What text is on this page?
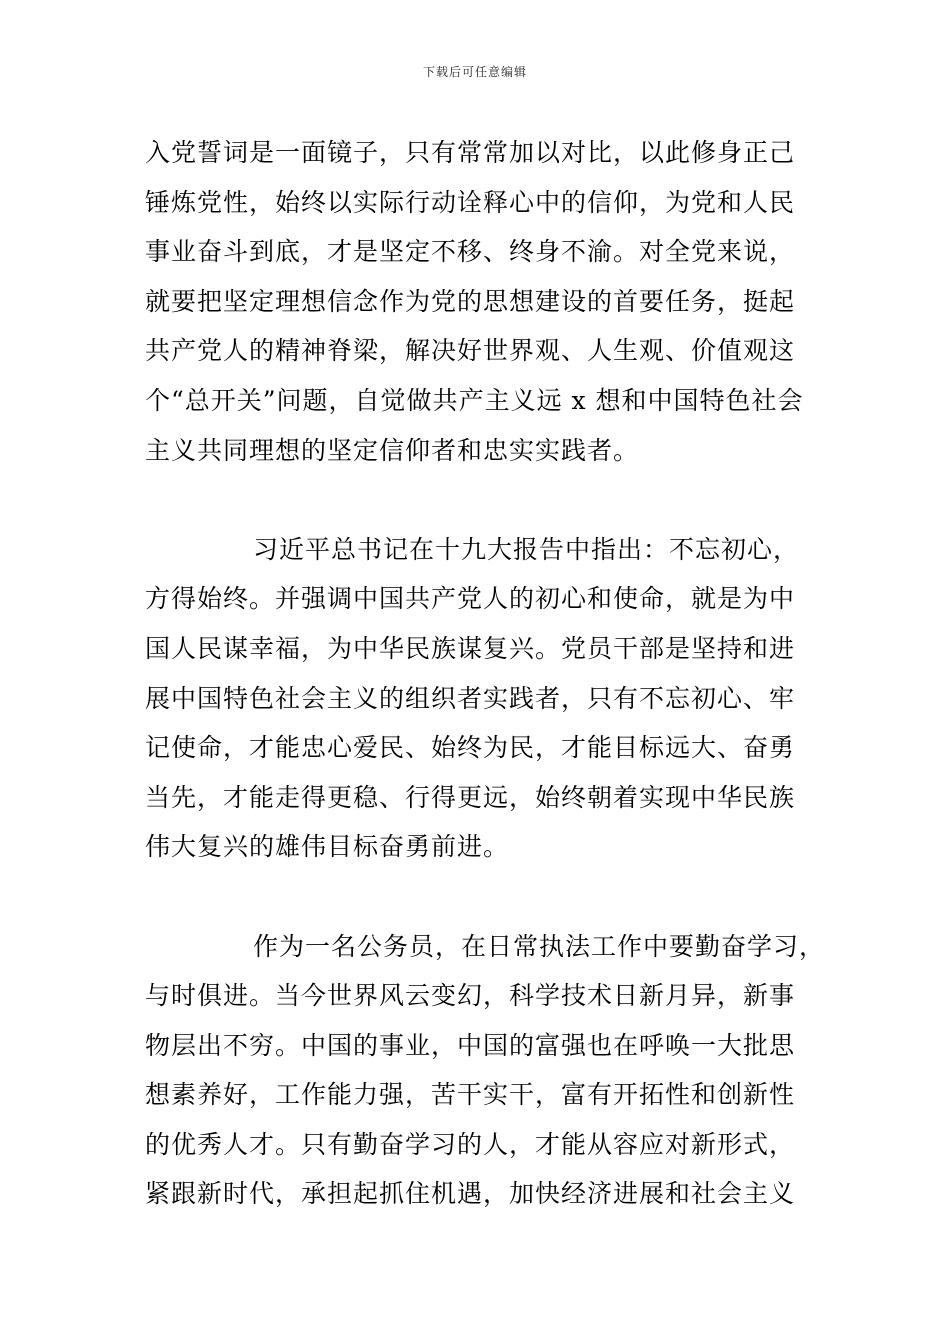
下载后可任意编辑
入党誓词是一面镜子，只有常常加以对比，以此修身正己
锤炼党性，始终以实际行动诠释心中的信仰，为党和人民
事业奋斗到底，才是坚定不移、终身不渝。对全党来说，
就要把坚定理想信念作为党的思想建设的首要任务，挺起
共产党人的精神脊梁，解决好世界观、人生观、价值观这
个“总开关”问题，自觉做共产主义远 x 想和中国特色社会
主义共同理想的坚定信仰者和忠实实践者。
习近平总书记在十九大报告中指出：不忘初心，
方得始终。并强调中国共产党人的初心和使命，就是为中
国人民谋幸福，为中华民族谋复兴。党员干部是坚持和进
展中国特色社会主义的组织者实践者，只有不忘初心、牢
记使命，才能忠心爱民、始终为民，才能目标远大、奋勇
当先，才能走得更稳、行得更远，始终朝着实现中华民族
伟大复兴的雄伟目标奋勇前进。
作为一名公务员，在日常执法工作中要勤奋学习，
与时俱进。当今世界风云变幻，科学技术日新月异，新事
物层出不穷。中国的事业，中国的富强也在呼唤一大批思
想素养好，工作能力强，苦干实干，富有开拓性和创新性
的优秀人才。只有勤奋学习的人，才能从容应对新形式，
紧跟新时代，承担起抓住机遇，加快经济进展和社会主义
